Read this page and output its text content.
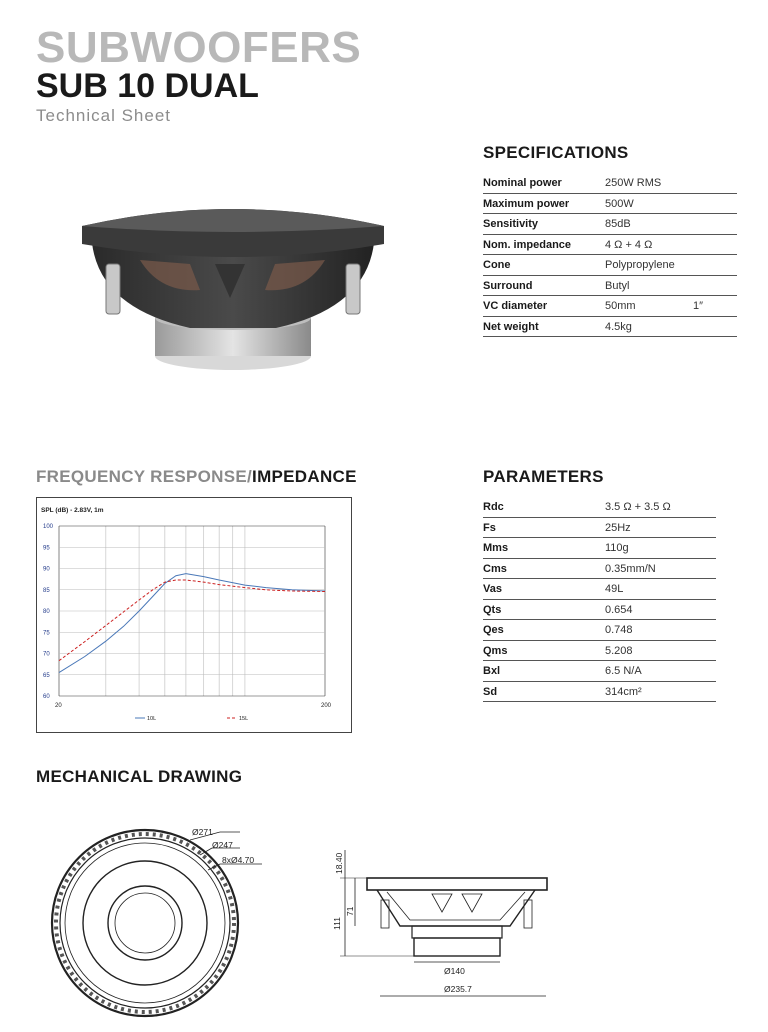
SUBWOOFERS
SUB 10 DUAL
Technical Sheet
SPECIFICATIONS
Nominal power	250W RMS
Maximum power	500W
Sensitivity	85dB
Nom. impedance	4 Ω + 4 Ω
Cone	Polypropylene
Surround	Butyl
VC diameter	50mm	1″
Net weight	4.5kg
PARAMETERS
Rdc	3.5 Ω + 3.5 Ω
Fs	25Hz
Mms	110g
Cms	0.35mm/N
Vas	49L
Qts	0.654
Qes	0.748
Qms	5.208
Bxl	6.5 N/A
Sd	314cm²
FREQUENCY RESPONSE/IMPEDANCE
SPL (dB) - 2.83V, 1m
60
65
70
75
80
85
90
95
100
20	200
10L	15L
MECHANICAL DRAWING
Ø271
Ø247
8xØ4.70	18.40
71
111
Ø140
Ø235.7
